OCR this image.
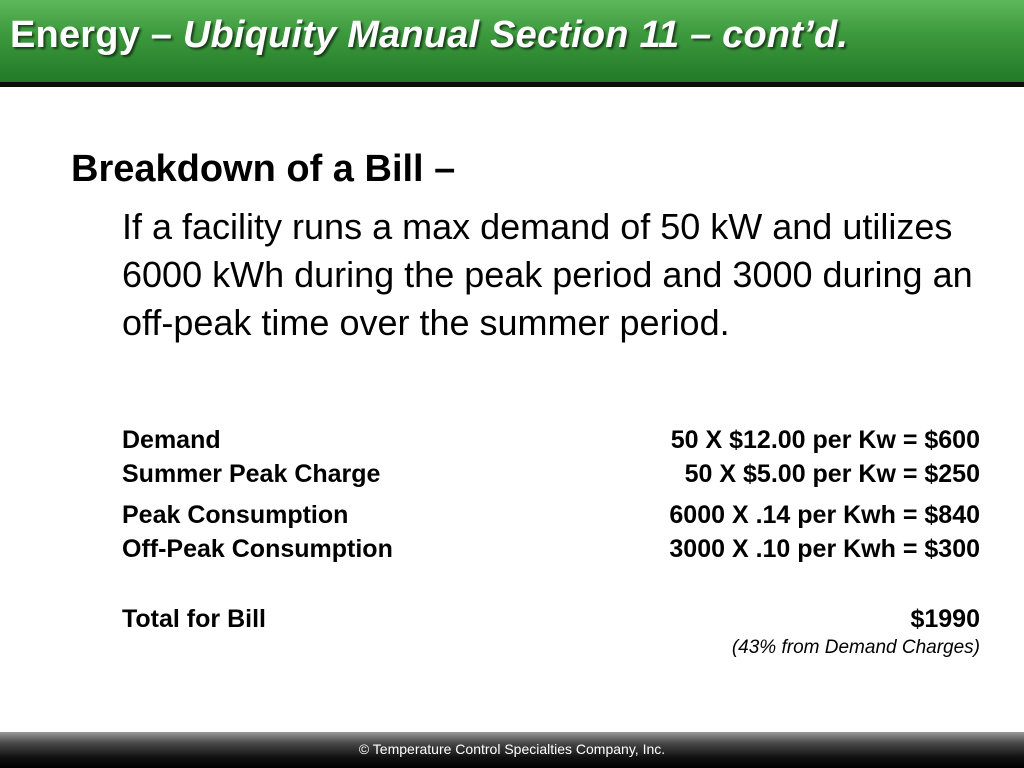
Energy – Ubiquity Manual Section 11 – cont’d.
Breakdown of a Bill –
If a facility runs a max demand of 50 kW and utilizes 6000 kWh during the peak period and 3000 during an off-peak time over the summer period.
Demand	50 X $12.00 per Kw = $600
Summer Peak Charge	50 X $5.00 per Kw = $250
Peak Consumption	6000 X .14 per Kwh = $840
Off-Peak Consumption	3000 X .10 per Kwh = $300
Total for Bill	$1990
(43% from Demand Charges)
© Temperature Control Specialties Company, Inc.
